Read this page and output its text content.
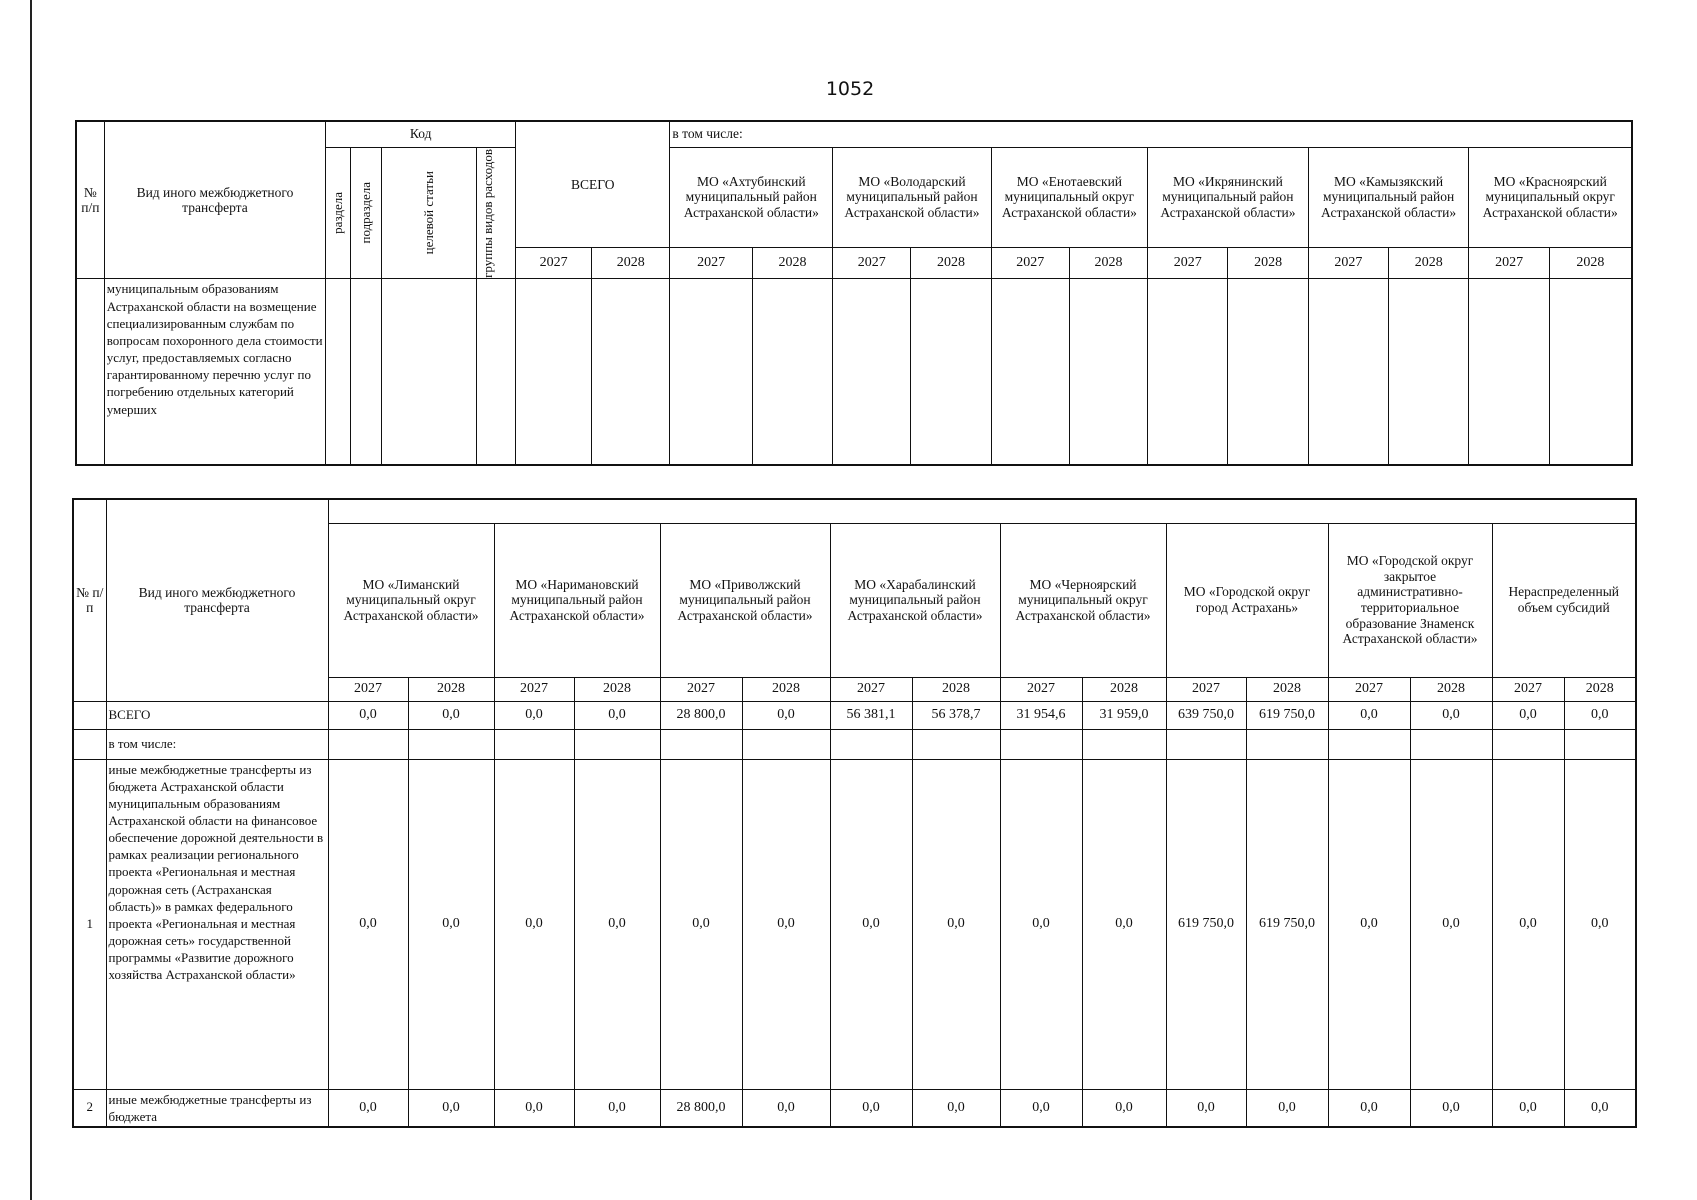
1052
№ п/п	Вид иного межбюджетного трансферта	Код				ВСЕГО		в том числе:											

		раздела	подраздела	целевой статьи	группы видов расходов			МО «Ахтубинский муниципальный район Астраханской области»		МО «Володарский муниципальный район Астраханской области»		МО «Енотаевский муниципальный округ Астраханской области»		МО «Икрянинский муниципальный район Астраханской области»		МО «Камызякский муниципальный район Астраханской области»		МО «Красноярский муниципальный округ Астраханской области»	
						2027	2028	2027	2028	2027	2028	2027	2028	2027	2028	2027	2028	2027	2028
	муниципальным образованиям Астраханской области на возмещение специализированным службам по вопросам похоронного дела стоимости услуг, предоставляемых согласно гарантированному перечню услуг по погребению отдельных категорий умерших																		
№ п/п	Вид иного межбюджетного трансферта																
		МО «Лиманский муниципальный округ Астраханской области»		МО «Наримановский муниципальный район Астраханской области»		МО «Приволжский муниципальный район Астраханской области»		МО «Харабалинский муниципальный район Астраханской области»		МО «Черноярский муниципальный округ Астраханской области»		МО «Городской округ город Астрахань»		МО «Городской округ закрытое административно-территориальное образование Знаменск Астраханской области»		Нераспределенный объем субсидий	
		2027	2028	2027	2028	2027	2028	2027	2028	2027	2028	2027	2028	2027	2028	2027	2028
	ВСЕГО	0,0	0,0	0,0	0,0	28 800,0	0,0	56 381,1	56 378,7	31 954,6	31 959,0	639 750,0	619 750,0	0,0	0,0	0,0	0,0
	в том числе:																
1	иные межбюджетные трансферты из бюджета Астраханской области муниципальным образованиям Астраханской области на финансовое обеспечение дорожной деятельности в рамках реализации регионального проекта «Региональная и местная дорожная сеть (Астраханская область)» в рамках федерального проекта «Региональная и местная дорожная сеть» государственной программы «Развитие дорожного хозяйства Астраханской области»	0,0	0,0	0,0	0,0	0,0	0,0	0,0	0,0	0,0	0,0	619 750,0	619 750,0	0,0	0,0	0,0	0,0
2	иные межбюджетные трансферты из бюджета	0,0	0,0	0,0	0,0	28 800,0	0,0	0,0	0,0	0,0	0,0	0,0	0,0	0,0	0,0	0,0	0,0
